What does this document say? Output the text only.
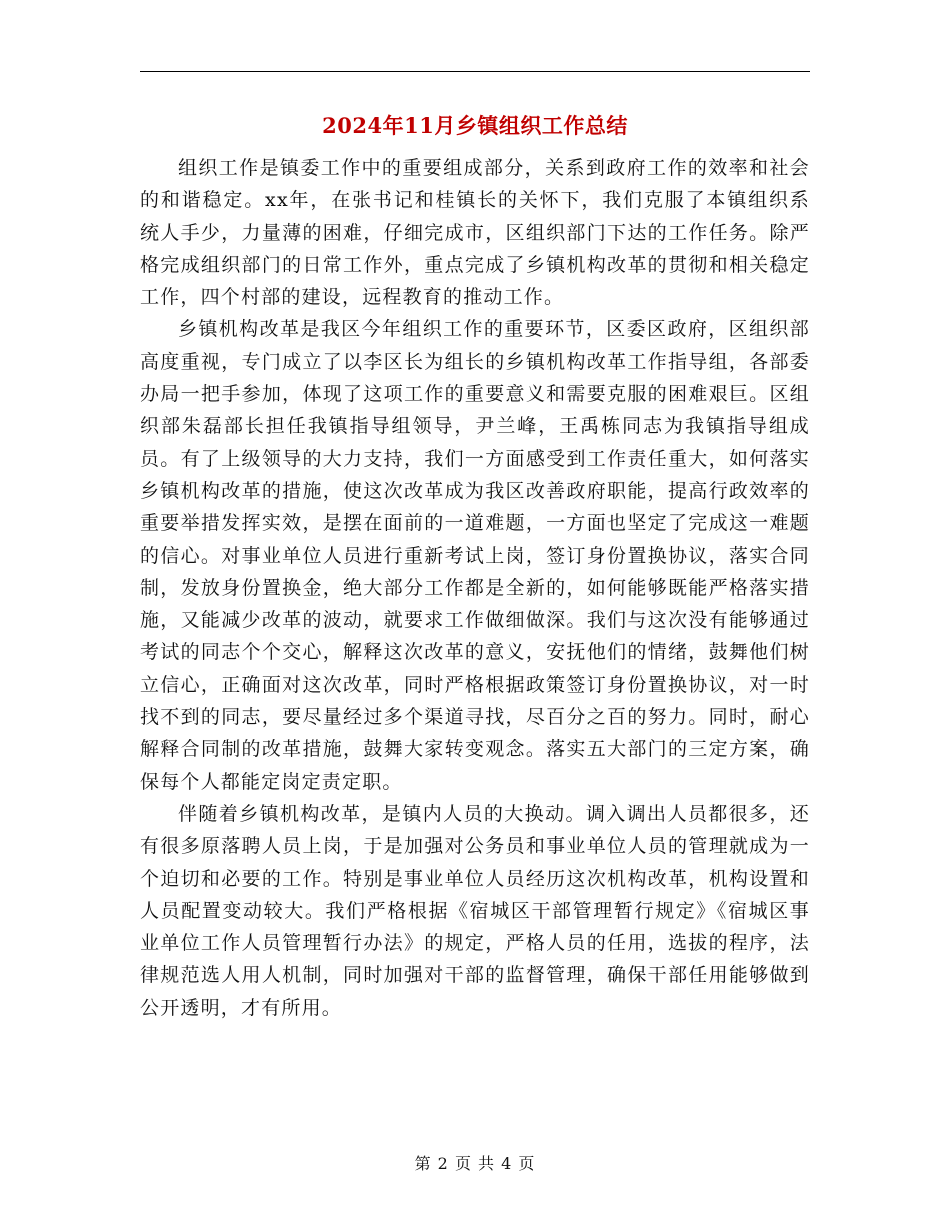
2024年11月乡镇组织工作总结

组织工作是镇委工作中的重要组成部分，关系到政府工作的效率和社会的和谐稳定。xx年，在张书记和桂镇长的关怀下，我们克服了本镇组织系统人手少，力量薄的困难，仔细完成市，区组织部门下达的工作任务。除严格完成组织部门的日常工作外，重点完成了乡镇机构改革的贯彻和相关稳定工作，四个村部的建设，远程教育的推动工作。

乡镇机构改革是我区今年组织工作的重要环节，区委区政府，区组织部高度重视，专门成立了以李区长为组长的乡镇机构改革工作指导组，各部委办局一把手参加，体现了这项工作的重要意义和需要克服的困难艰巨。区组织部朱磊部长担任我镇指导组领导，尹兰峰，王禹栋同志为我镇指导组成员。有了上级领导的大力支持，我们一方面感受到工作责任重大，如何落实乡镇机构改革的措施，使这次改革成为我区改善政府职能，提高行政效率的重要举措发挥实效，是摆在面前的一道难题，一方面也坚定了完成这一难题的信心。对事业单位人员进行重新考试上岗，签订身份置换协议，落实合同制，发放身份置换金，绝大部分工作都是全新的，如何能够既能严格落实措施，又能减少改革的波动，就要求工作做细做深。我们与这次没有能够通过考试的同志个个交心，解释这次改革的意义，安抚他们的情绪，鼓舞他们树立信心，正确面对这次改革，同时严格根据政策签订身份置换协议，对一时找不到的同志，要尽量经过多个渠道寻找，尽百分之百的努力。同时，耐心解释合同制的改革措施，鼓舞大家转变观念。落实五大部门的三定方案，确保每个人都能定岗定责定职。

伴随着乡镇机构改革，是镇内人员的大换动。调入调出人员都很多，还有很多原落聘人员上岗，于是加强对公务员和事业单位人员的管理就成为一个迫切和必要的工作。特别是事业单位人员经历这次机构改革，机构设置和人员配置变动较大。我们严格根据《宿城区干部管理暂行规定》《宿城区事业单位工作人员管理暂行办法》的规定，严格人员的任用，选拔的程序，法律规范选人用人机制，同时加强对干部的监督管理，确保干部任用能够做到公开透明，才有所用。

第 2 页 共 4 页
